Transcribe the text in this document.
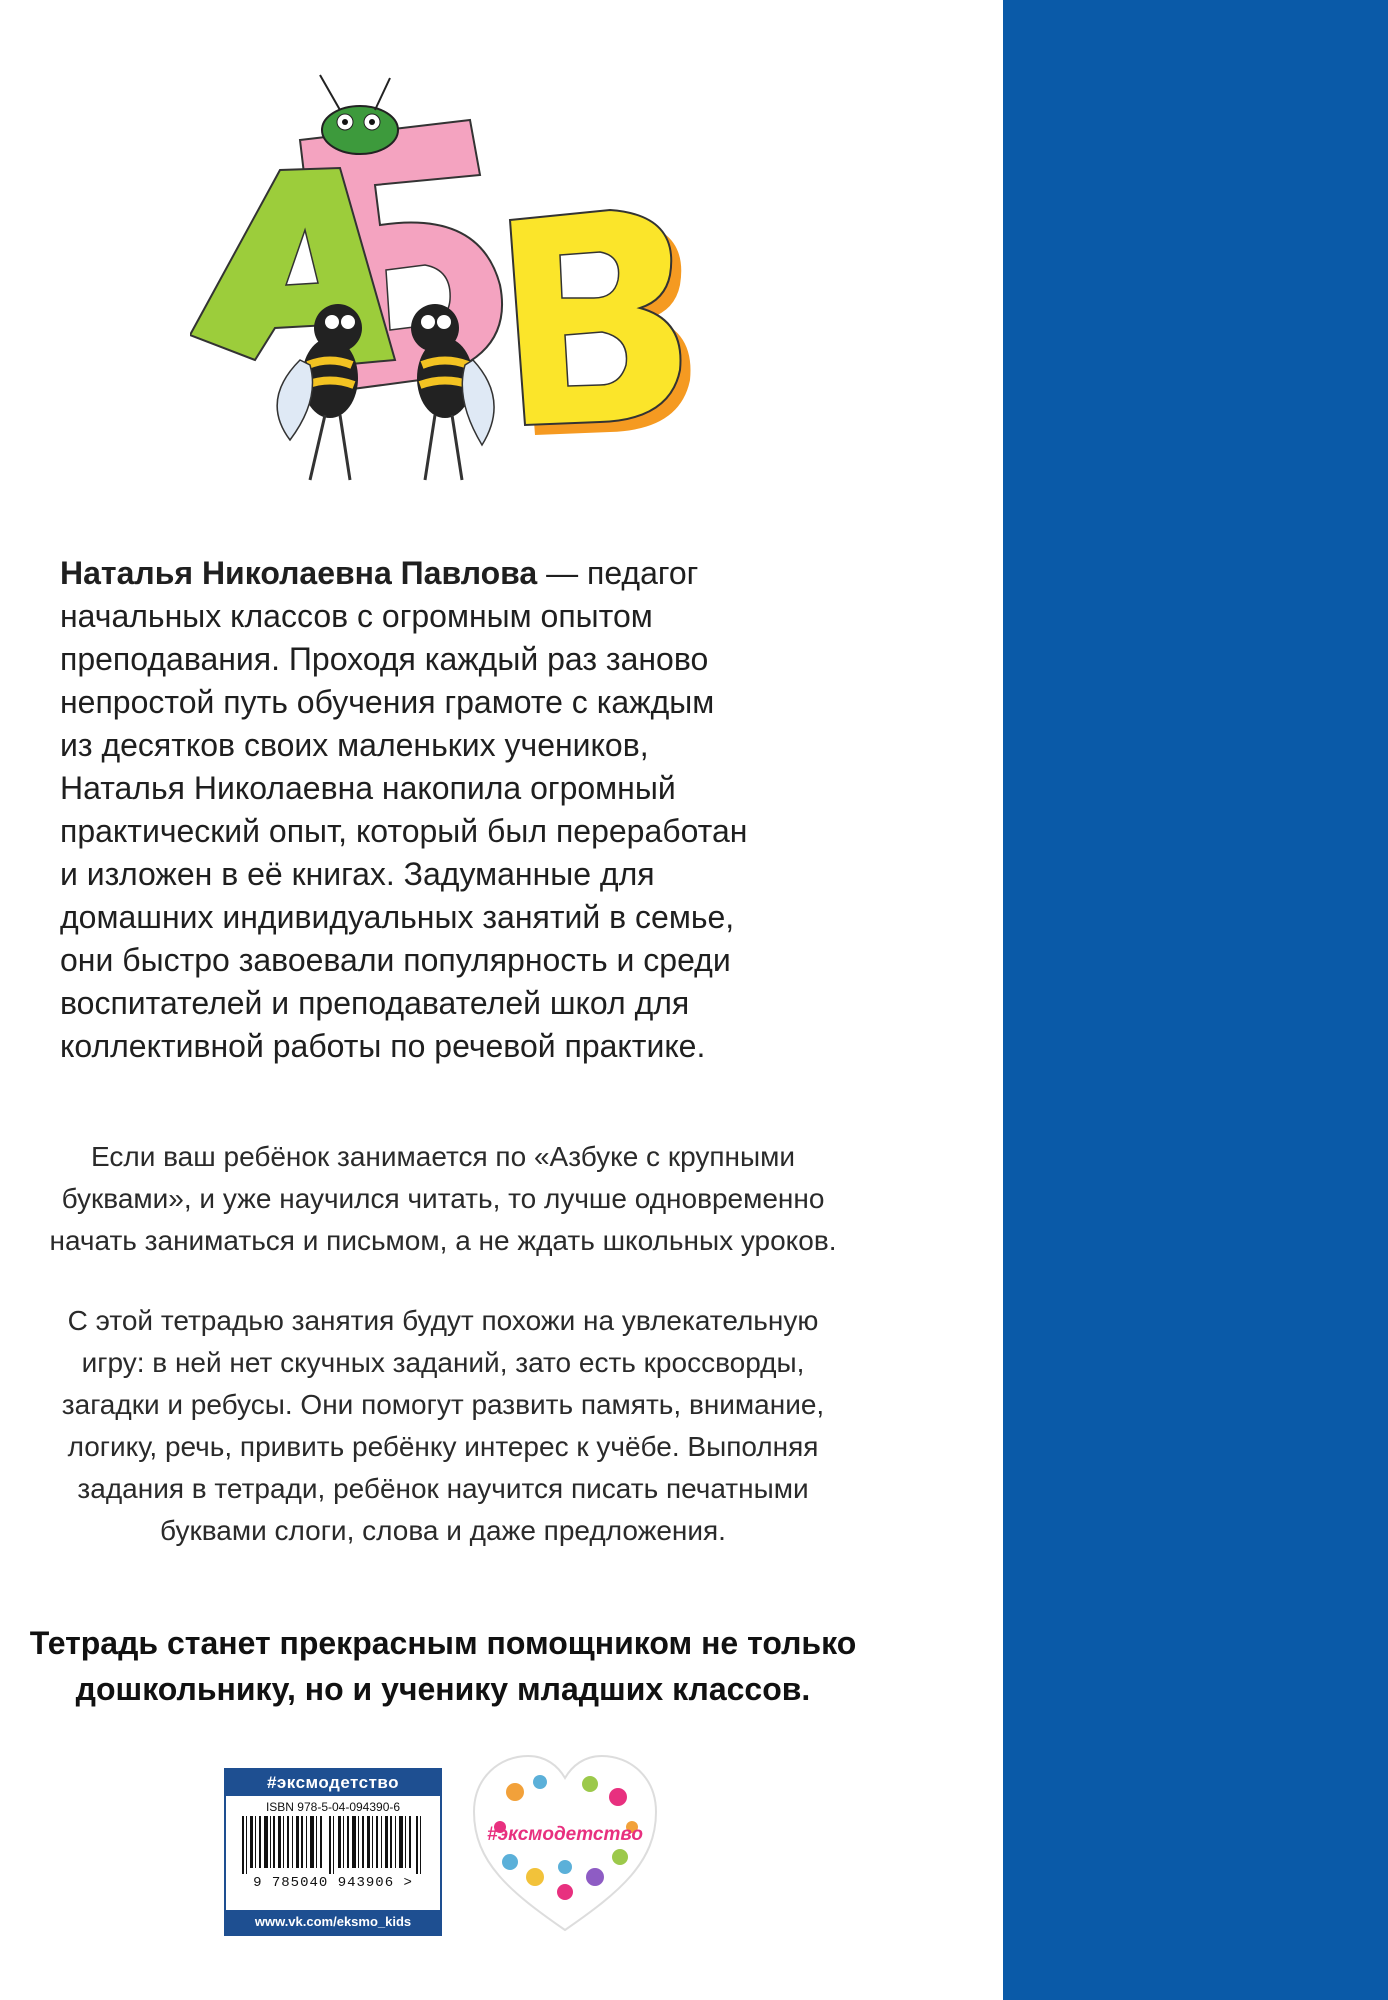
Наталья Николаевна Павлова — педагог
начальных классов с огромным опытом
преподавания. Проходя каждый раз заново
непростой путь обучения грамоте с каждым
из десятков своих маленьких учеников,
Наталья Николаевна накопила огромный
практический опыт, который был переработан
и изложен в её книгах. Задуманные для
домашних индивидуальных занятий в семье,
они быстро завоевали популярность и среди
воспитателей и преподавателей школ для
коллективной работы по речевой практике.
Если ваш ребёнок занимается по «Азбуке с крупными
буквами», и уже научился читать, то лучше одновременно
начать заниматься и письмом, а не ждать школьных уроков.
С этой тетрадью занятия будут похожи на увлекательную
игру: в ней нет скучных заданий, зато есть кроссворды,
загадки и ребусы. Они помогут развить память, внимание,
логику, речь, привить ребёнку интерес к учёбе. Выполняя
задания в тетради, ребёнок научится писать печатными
буквами слоги, слова и даже предложения.
Тетрадь станет прекрасным помощником не только
дошкольнику, но и ученику младших классов.
#эксмодетство
ISBN 978-5-04-094390-6
9 785040 943906 >
www.vk.com/eksmo_kids
#эксмодетство
